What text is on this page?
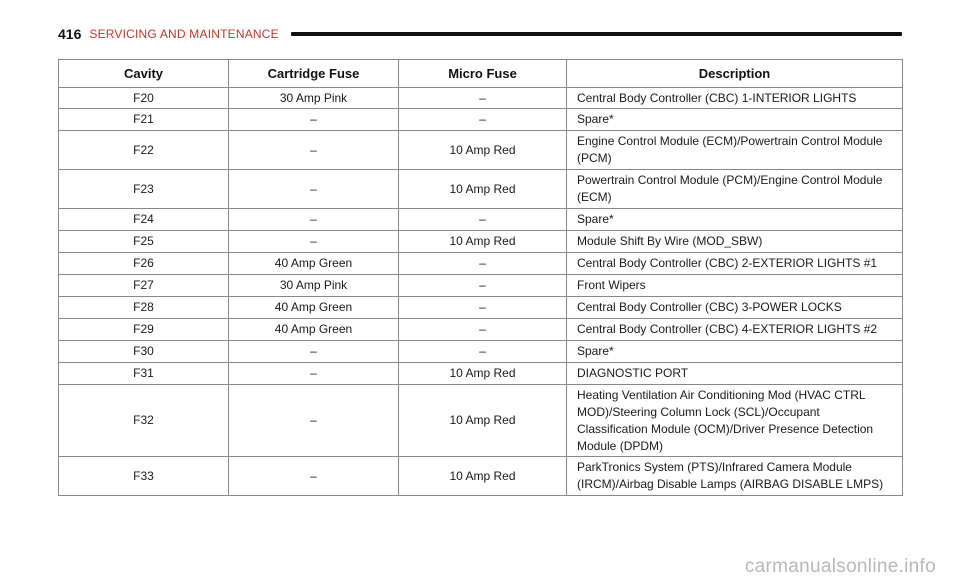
416 SERVICING AND MAINTENANCE
Cavity	Cartridge Fuse	Micro Fuse	Description
F20	30 Amp Pink	–	Central Body Controller (CBC) 1-INTERIOR LIGHTS
F21	–	–	Spare*
F22	–	10 Amp Red	Engine Control Module (ECM)/Powertrain Control Module (PCM)
F23	–	10 Amp Red	Powertrain Control Module (PCM)/Engine Control Module (ECM)
F24	–	–	Spare*
F25	–	10 Amp Red	Module Shift By Wire (MOD_SBW)
F26	40 Amp Green	–	Central Body Controller (CBC) 2-EXTERIOR LIGHTS #1
F27	30 Amp Pink	–	Front Wipers
F28	40 Amp Green	–	Central Body Controller (CBC) 3-POWER LOCKS
F29	40 Amp Green	–	Central Body Controller (CBC) 4-EXTERIOR LIGHTS #2
F30	–	–	Spare*
F31	–	10 Amp Red	DIAGNOSTIC PORT
F32	–	10 Amp Red	Heating Ventilation Air Conditioning Mod (HVAC CTRL MOD)/Steering Column Lock (SCL)/Occupant Classification Module (OCM)/Driver Presence Detection Module (DPDM)
F33	–	10 Amp Red	ParkTronics System (PTS)/Infrared Camera Module (IRCM)/Airbag Disable Lamps (AIRBAG DISABLE LMPS)
carmanualsonline.info
